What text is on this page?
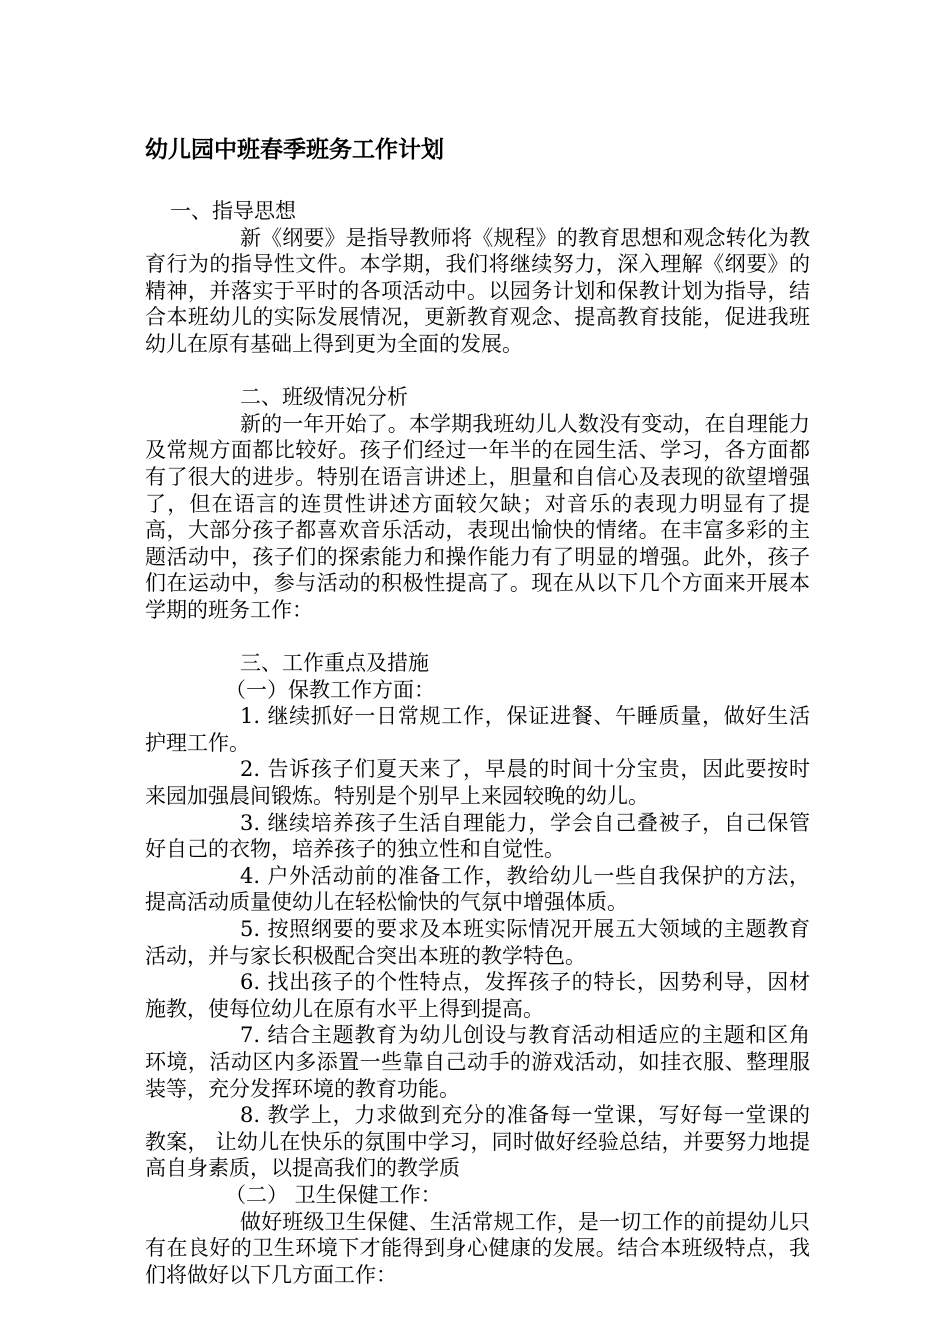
幼儿园中班春季班务工作计划

一、指导思想

新《纲要》是指导教师将《规程》的教育思想和观念转化为教育行为的指导性文件。本学期，我们将继续努力，深入理解《纲要》的精神，并落实于平时的各项活动中。以园务计划和保教计划为指导，结合本班幼儿的实际发展情况，更新教育观念、提高教育技能，促进我班幼儿在原有基础上得到更为全面的发展。

二、班级情况分析

新的一年开始了。本学期我班幼儿人数没有变动，在自理能力及常规方面都比较好。孩子们经过一年半的在园生活、学习，各方面都有了很大的进步。特别在语言讲述上，胆量和自信心及表现的欲望增强了，但在语言的连贯性讲述方面较欠缺；对音乐的表现力明显有了提高，大部分孩子都喜欢音乐活动，表现出愉快的情绪。在丰富多彩的主题活动中，孩子们的探索能力和操作能力有了明显的增强。此外，孩子们在运动中，参与活动的积极性提高了。现在从以下几个方面来开展本学期的班务工作：

三、工作重点及措施

（一）保教工作方面：

1. 继续抓好一日常规工作，保证进餐、午睡质量，做好生活护理工作。

2. 告诉孩子们夏天来了，早晨的时间十分宝贵，因此要按时来园加强晨间锻炼。特别是个别早上来园较晚的幼儿。

3. 继续培养孩子生活自理能力，学会自己叠被子，自己保管好自己的衣物，培养孩子的独立性和自觉性。

4. 户外活动前的准备工作，教给幼儿一些自我保护的方法，提高活动质量使幼儿在轻松愉快的气氛中增强体质。

5. 按照纲要的要求及本班实际情况开展五大领域的主题教育活动，并与家长积极配合突出本班的教学特色。

6. 找出孩子的个性特点，发挥孩子的特长，因势利导，因材施教，使每位幼儿在原有水平上得到提高。

7. 结合主题教育为幼儿创设与教育活动相适应的主题和区角环境，活动区内多添置一些靠自己动手的游戏活动，如挂衣服、整理服装等，充分发挥环境的教育功能。

8. 教学上，力求做到充分的准备每一堂课，写好每一堂课的教案， 让幼儿在快乐的氛围中学习，同时做好经验总结，并要努力地提高自身素质，以提高我们的教学质

（二） 卫生保健工作：

做好班级卫生保健、生活常规工作，是一切工作的前提幼儿只有在良好的卫生环境下才能得到身心健康的发展。结合本班级特点，我们将做好以下几方面工作：
